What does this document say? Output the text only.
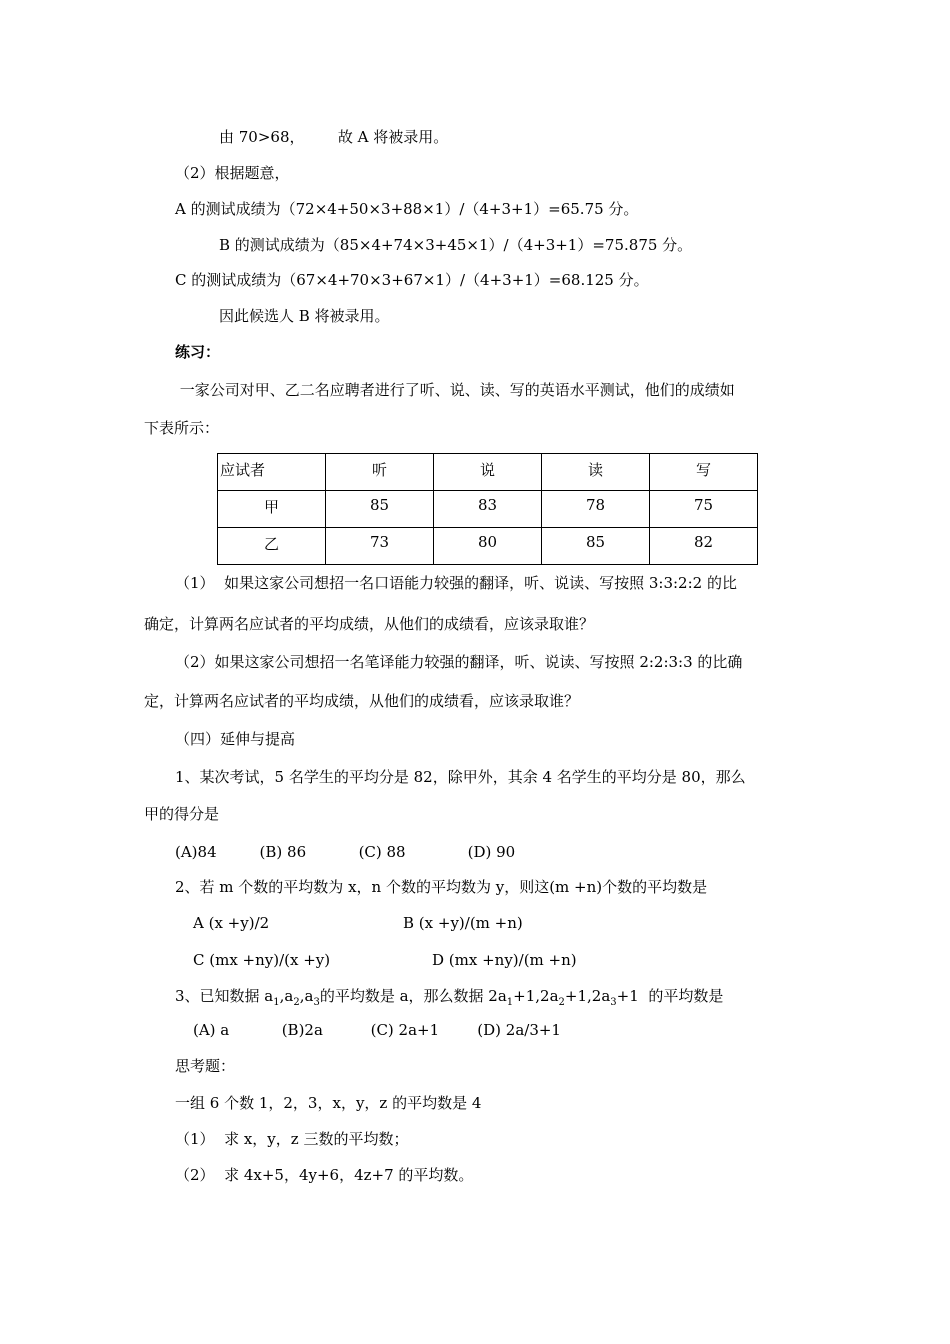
由 70>68，       故 A 将被录用。
（2）根据题意，
A 的测试成绩为（72×4+50×3+88×1）/（4+3+1）=65.75 分。
B 的测试成绩为（85×4+74×3+45×1）/（4+3+1）=75.875 分。
C 的测试成绩为（67×4+70×3+67×1）/（4+3+1）=68.125 分。
因此候选人 B 将被录用。
练习：
一家公司对甲、乙二名应聘者进行了听、说、读、写的英语水平测试，他们的成绩如
下表所示：
应试者	听	说	读	写
甲	85	83	78	75
乙	73	80	85	82
（1）  如果这家公司想招一名口语能力较强的翻译，听、说读、写按照 3:3:2:2 的比
确定，计算两名应试者的平均成绩，从他们的成绩看，应该录取谁？
（2）如果这家公司想招一名笔译能力较强的翻译，听、说读、写按照 2:2:3:3 的比确
定，计算两名应试者的平均成绩，从他们的成绩看，应该录取谁？
（四）延伸与提高
1、某次考试，5 名学生的平均分是 82，除甲外，其余 4 名学生的平均分是 80，那么
甲的得分是
(A)84         (B) 86           (C) 88             (D) 90
2、若 m 个数的平均数为 x，n 个数的平均数为 y，则这(m +n)个数的平均数是
A (x +y)/2	B (x +y)/(m +n)
C (mx +ny)/(x +y)	D (mx +ny)/(m +n)
3、已知数据 $a_1,a_2,a_3$的平均数是 a，那么数据 $2a_1+1,2a_2+1,2a_3+1$  的平均数是
(A) a           (B)2a          (C) 2a+1        (D) 2a/3+1
思考题：
一组 6 个数 1，2，3，x，y，z 的平均数是 4
（1）  求 x，y，z 三数的平均数；
（2）  求 4x+5，4y+6，4z+7 的平均数。
